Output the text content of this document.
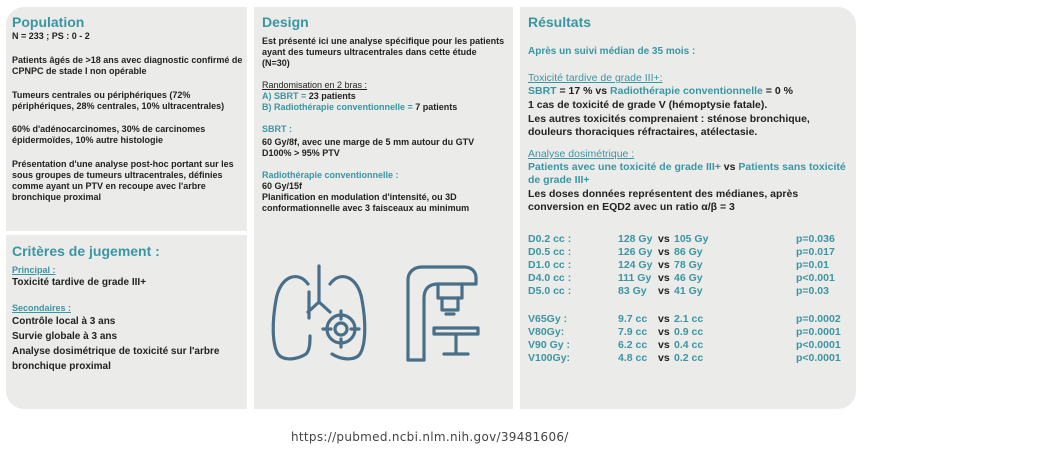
Population

N = 233 ; PS : 0 - 2

Patients âgés de >18 ans avec diagnostic confirmé de CPNPC de stade I non opérable

Tumeurs centrales ou périphériques (72% périphériques, 28% centrales, 10% ultracentrales)

60% d'adénocarcinomes, 30% de carcinomes épidermoïdes, 10% autre histologie

Présentation d'une analyse post-hoc portant sur les sous groupes de tumeurs ultracentrales, définies comme ayant un PTV en recoupe avec l'arbre bronchique proximal

Critères de jugement :

Principal :

Toxicité tardive de grade III+

Secondaires :

Contrôle local à 3 ans

Survie globale à 3 ans

Analyse dosimétrique de toxicité sur l'arbre bronchique proximal

Design

Est présenté ici une analyse spécifique pour les patients ayant des tumeurs ultracentrales dans cette étude (N=30)

Randomisation en 2 bras :

A) SBRT = 23 patients

B) Radiothérapie conventionnelle = 7 patients

SBRT :

60 Gy/8f, avec une marge de 5 mm autour du GTV

D100% > 95% PTV

Radiothérapie conventionnelle :

60 Gy/15f

Planification en modulation d'intensité, ou 3D conformationnelle avec 3 faisceaux au minimum

Résultats

Après un suivi médian de 35 mois :

Toxicité tardive de grade III+:

SBRT = 17 % vs Radiothérapie conventionnelle = 0 %

1 cas de toxicité de grade V (hémoptysie fatale).

Les autres toxicités comprenaient : sténose bronchique, douleurs thoraciques réfractaires, atélectasie.

Analyse dosimétrique :

Patients avec une toxicité de grade III+ vs Patients sans toxicité de grade III+

Les doses données représentent des médianes, après conversion en EQD2 avec un ratio α/β = 3

D0.2 cc :	128 Gy vs 105 Gy	p=0.036
D0.5 cc :	126 Gy vs 86 Gy	p=0.017
D1.0 cc :	124 Gy vs 78 Gy	p=0.01
D4.0 cc :	111 Gy vs 46 Gy	p<0.001
D5.0 cc :	83 Gy vs 41 Gy	p=0.03
V65Gy :	9.7 cc vs 2.1 cc	p=0.0002
V80Gy:	7.9 cc vs 0.9 cc	p=0.0001
V90 Gy :	6.2 cc vs 0.4 cc	p<0.0001
V100Gy:	4.8 cc vs 0.2 cc	p<0.0001
https://pubmed.ncbi.nlm.nih.gov/39481606/
